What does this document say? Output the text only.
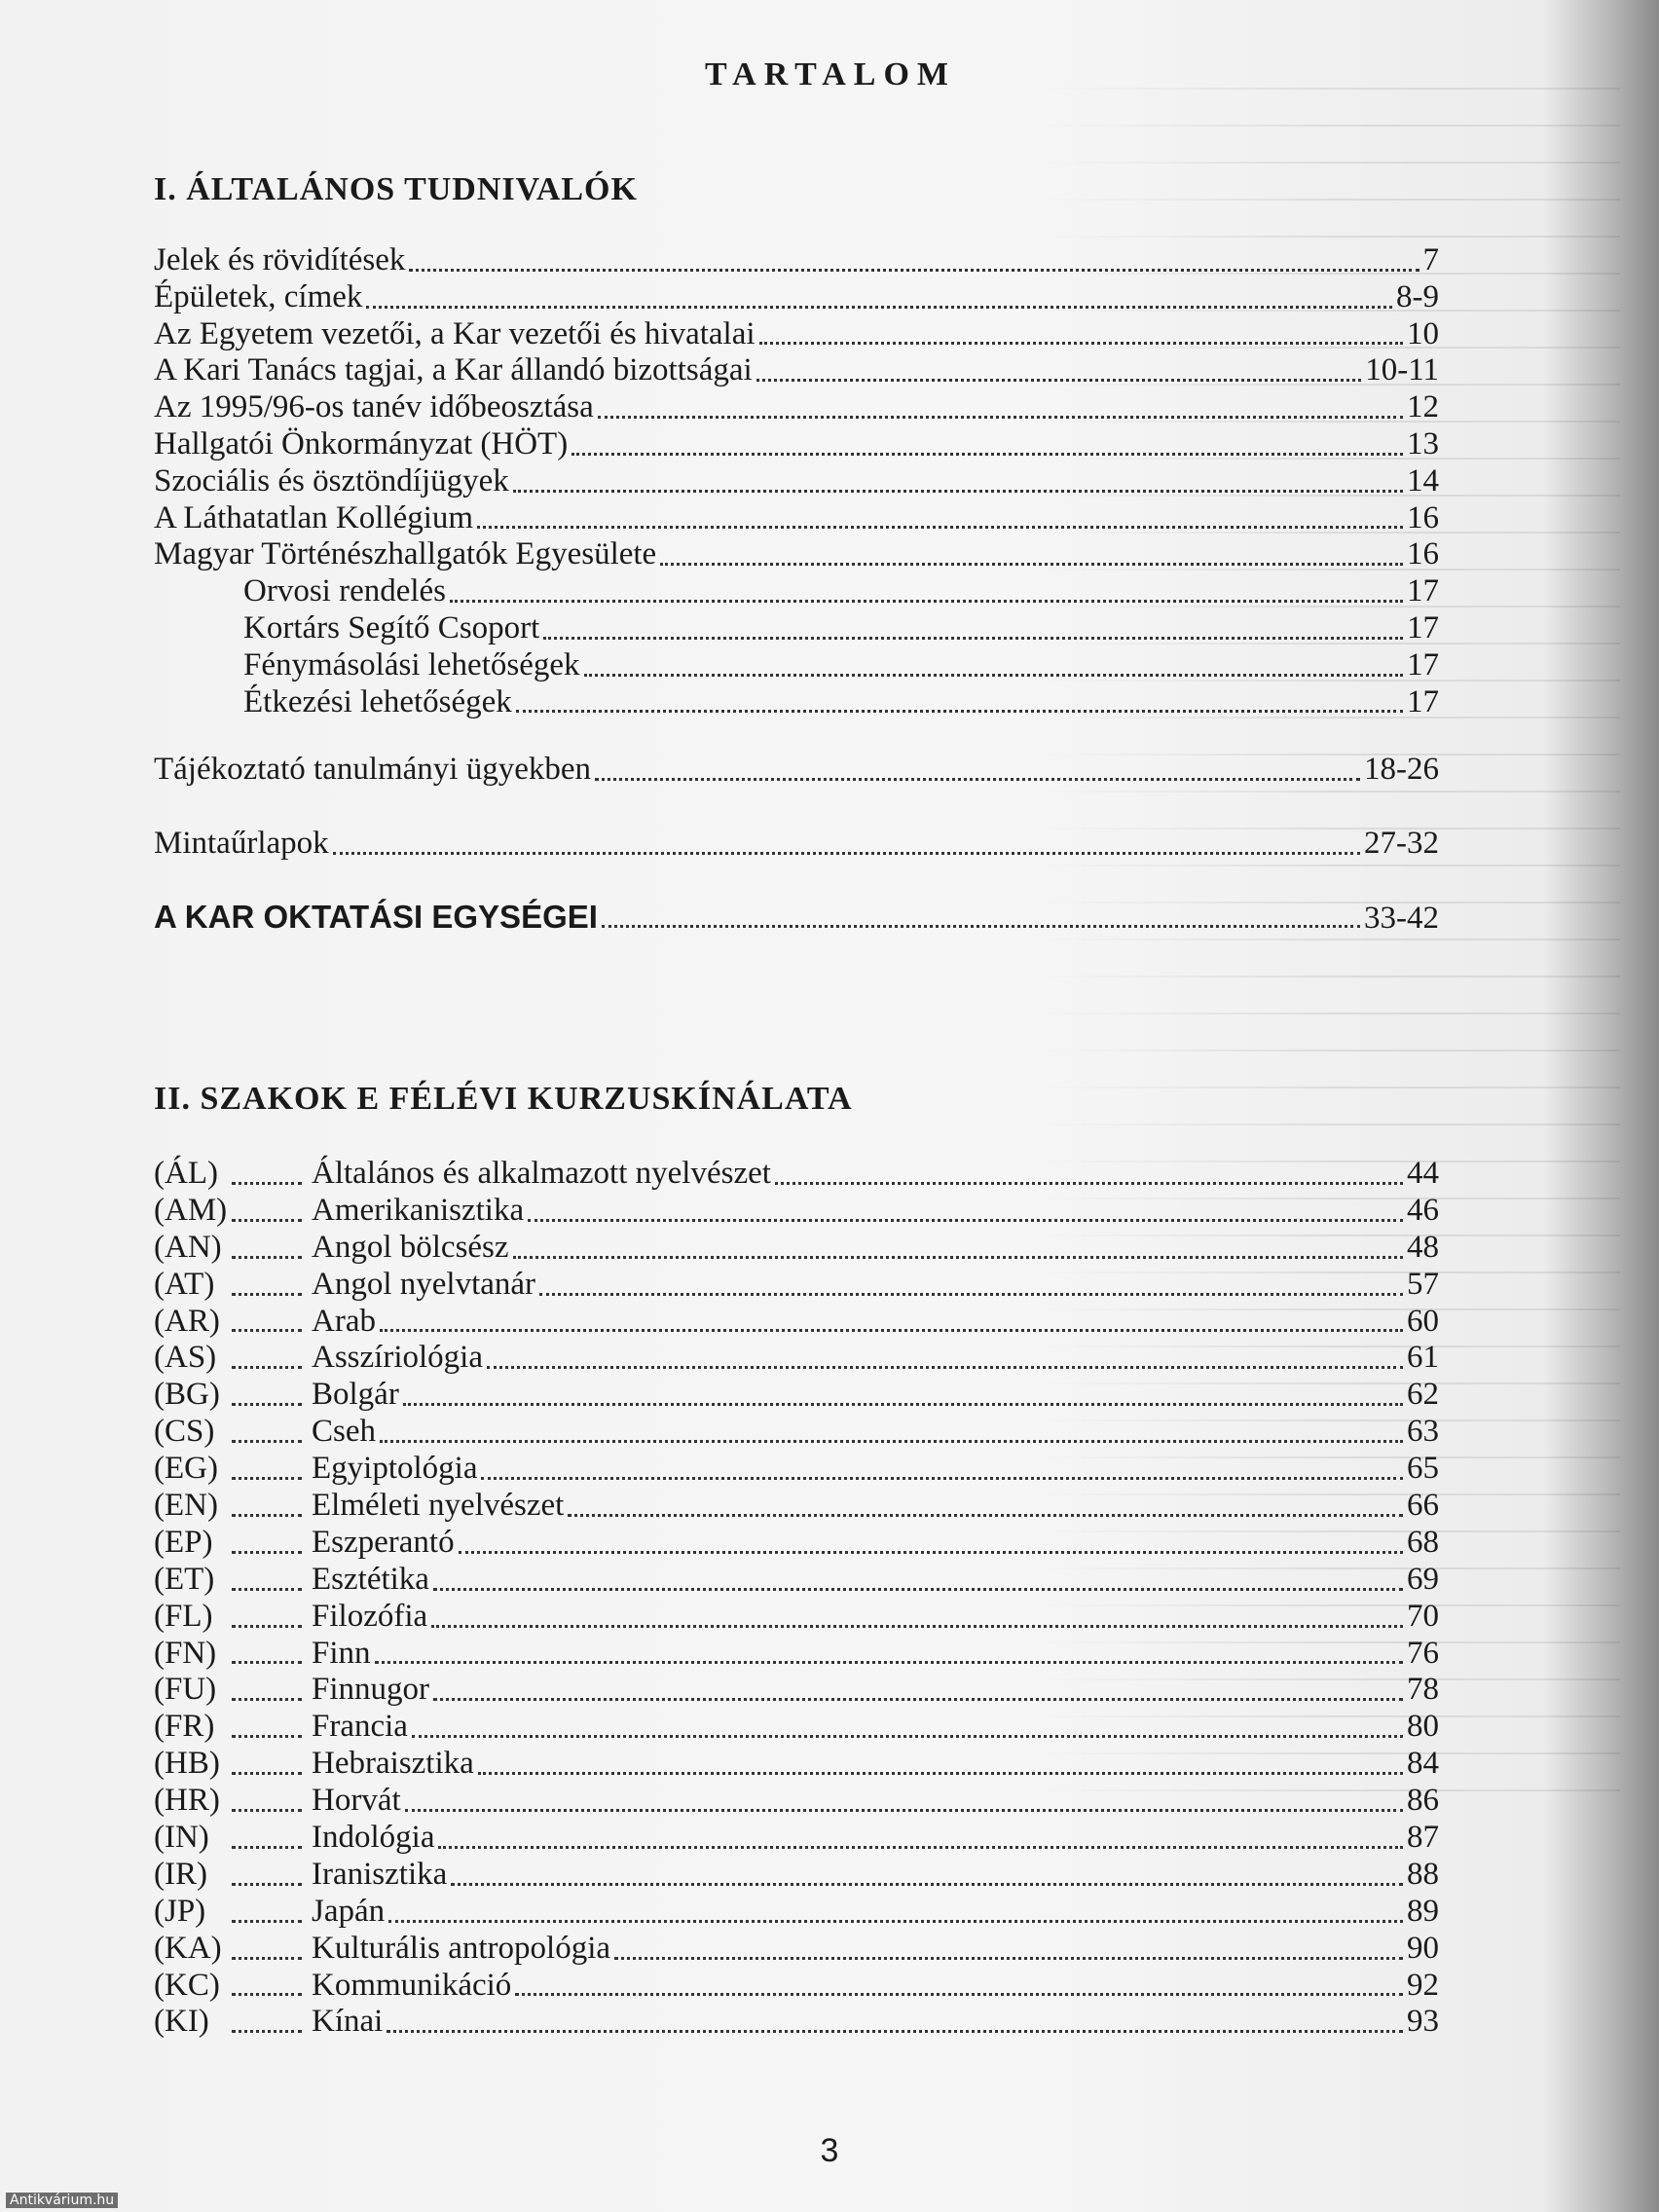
TARTALOM
I. ÁLTALÁNOS TUDNIVALÓK
Jelek és rövidítések	7
Épületek, címek	8-9
Az Egyetem vezetői, a Kar vezetői és hivatalai	10
A Kari Tanács tagjai, a Kar állandó bizottságai	10-11
Az 1995/96-os tanév időbeosztása	12
Hallgatói Önkormányzat (HÖT)	13
Szociális és ösztöndíjügyek	14
A Láthatatlan Kollégium	16
Magyar Történészhallgatók Egyesülete	16
Orvosi rendelés	17
Kortárs Segítő Csoport	17
Fénymásolási lehetőségek	17
Étkezési lehetőségek	17
Tájékoztató tanulmányi ügyekben	18-26
Mintaűrlapok	27-32
A KAR OKTATÁSI EGYSÉGEI	33-42
II. SZAKOK E FÉLÉVI KURZUSKÍNÁLATA
(ÁL)	Általános és alkalmazott nyelvészet	44
(AM)	Amerikanisztika	46
(AN)	Angol bölcsész	48
(AT)	Angol nyelvtanár	57
(AR)	Arab	60
(AS)	Asszíriológia	61
(BG)	Bolgár	62
(CS)	Cseh	63
(EG)	Egyiptológia	65
(EN)	Elméleti nyelvészet	66
(EP)	Eszperantó	68
(ET)	Esztétika	69
(FL)	Filozófia	70
(FN)	Finn	76
(FU)	Finnugor	78
(FR)	Francia	80
(HB)	Hebraisztika	84
(HR)	Horvát	86
(IN)	Indológia	87
(IR)	Iranisztika	88
(JP)	Japán	89
(KA)	Kulturális antropológia	90
(KC)	Kommunikáció	92
(KI)	Kínai	93
3
Antikvárium.hu
